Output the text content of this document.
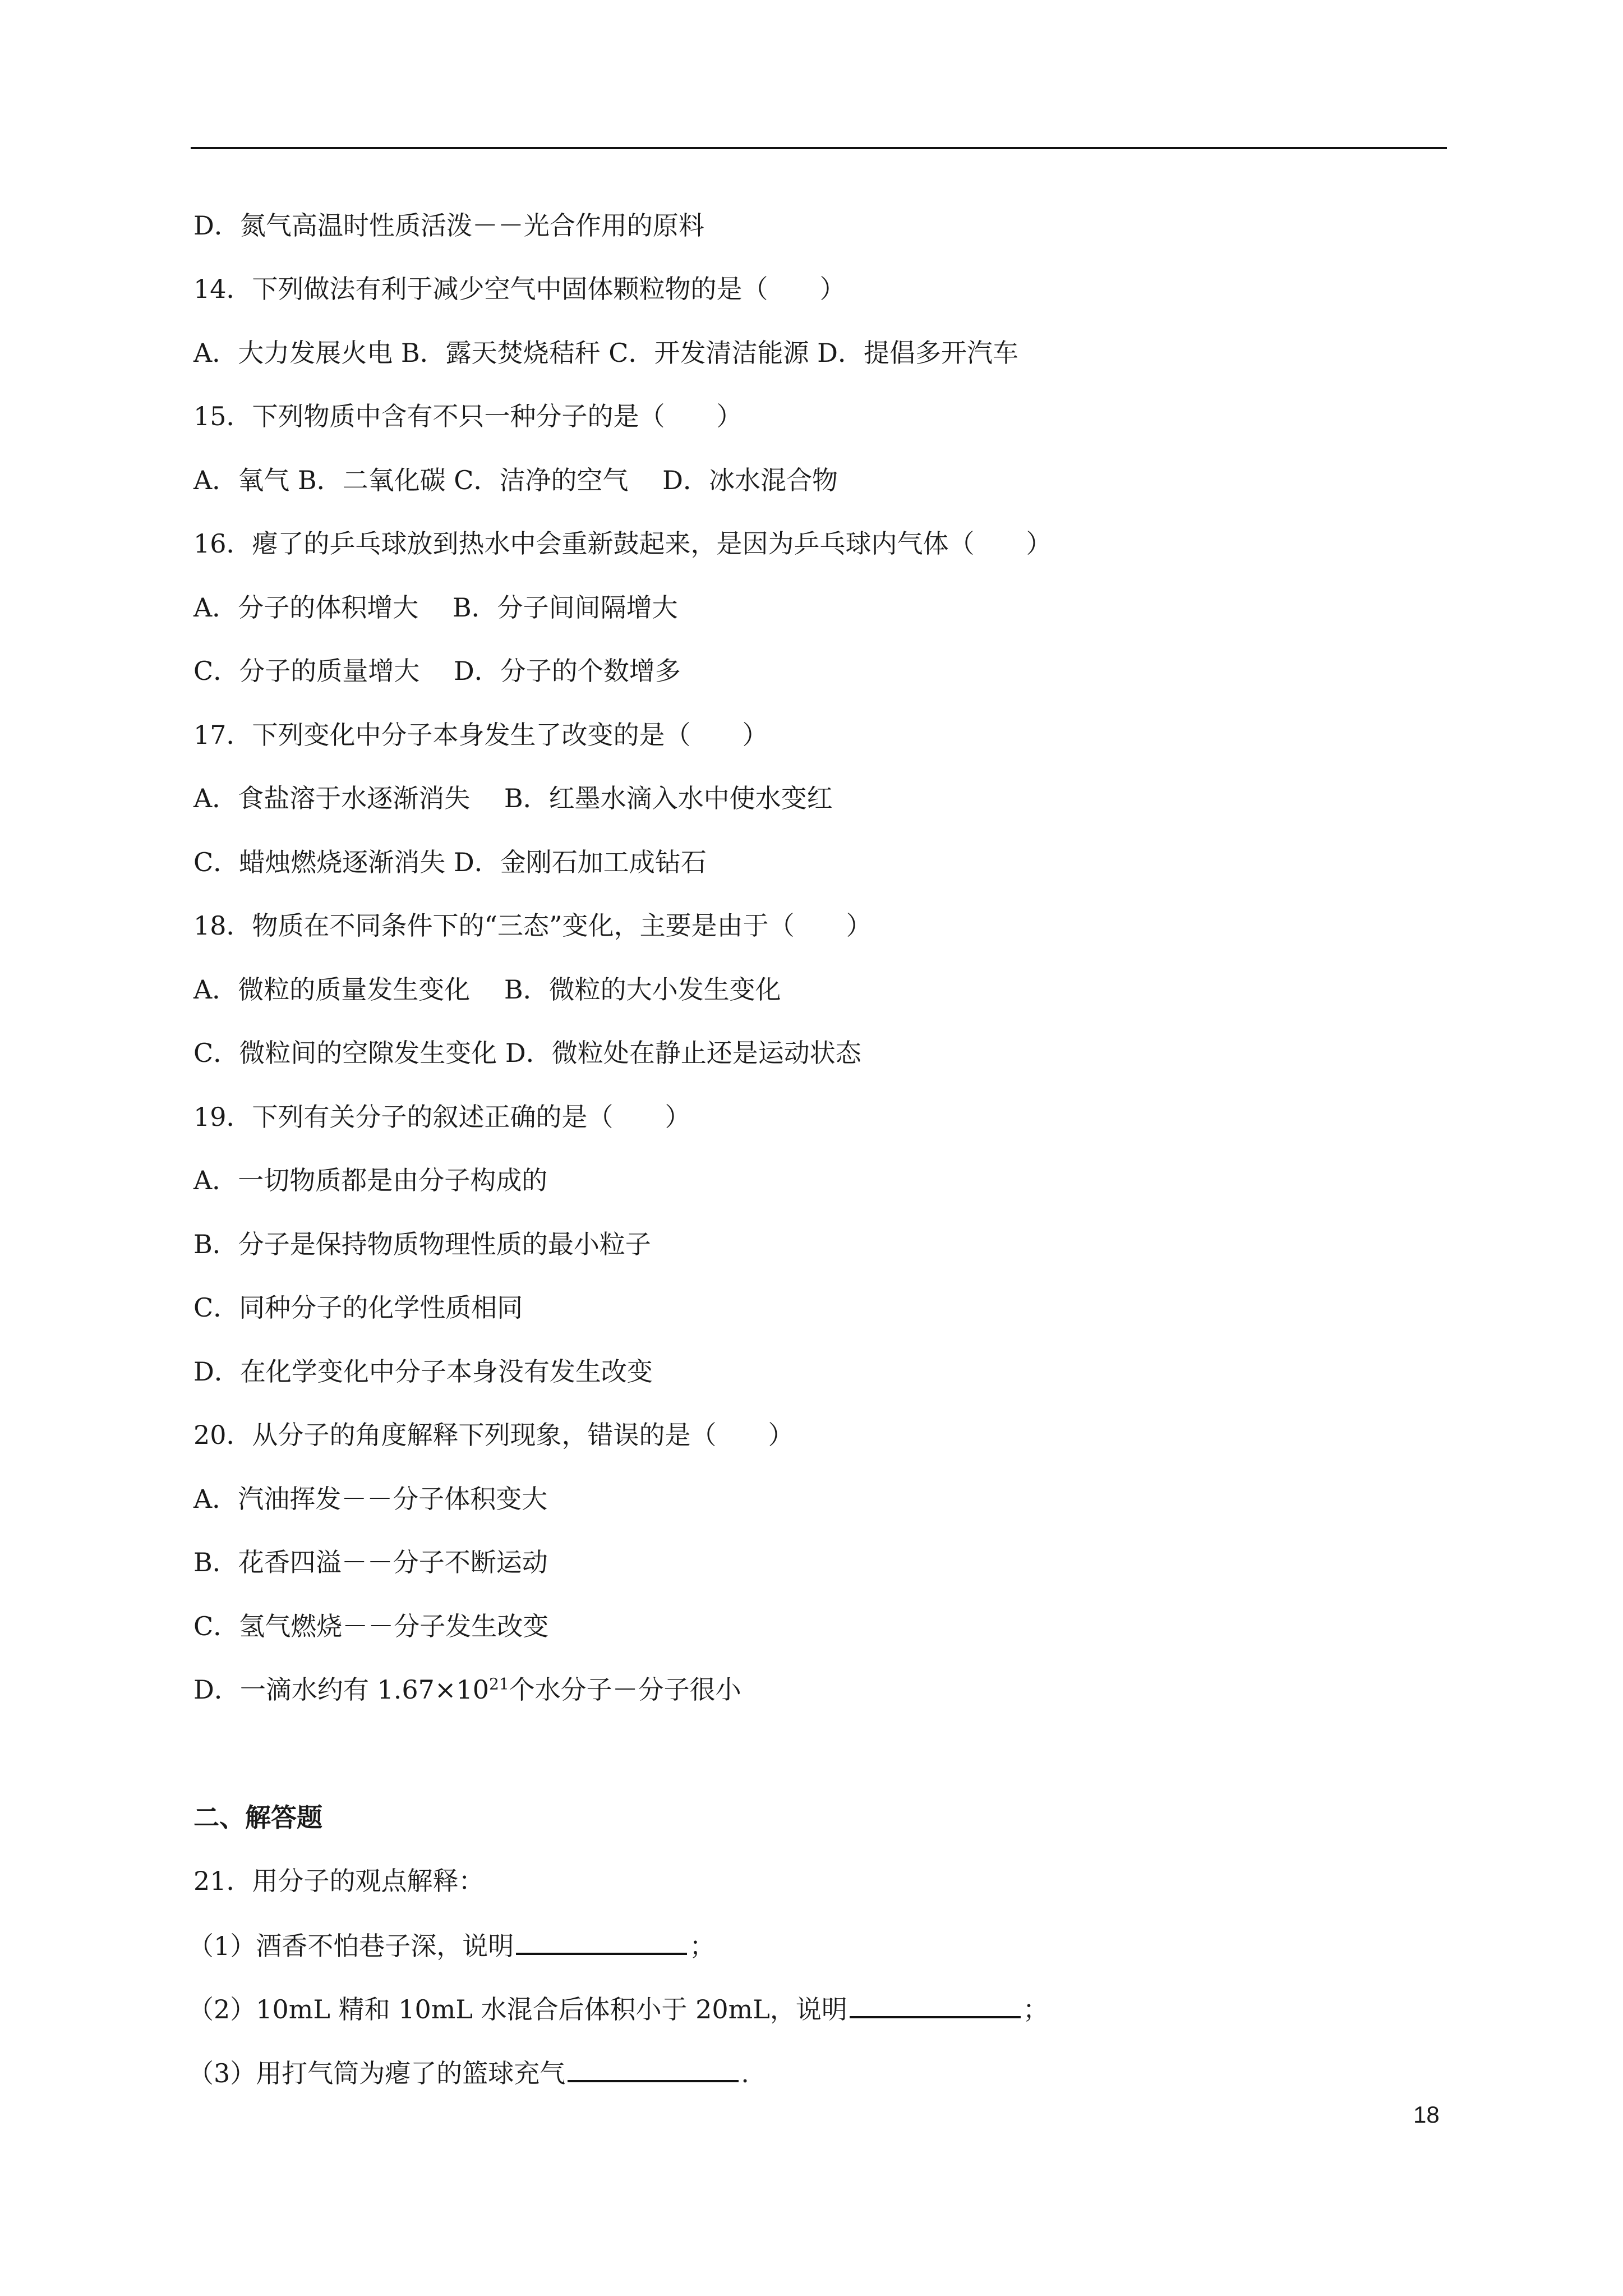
D．氮气高温时性质活泼－－光合作用的原料
14．下列做法有利于减少空气中固体颗粒物的是（　　）
A．大力发展火电 B．露天焚烧秸秆 C．开发清洁能源 D．提倡多开汽车
15．下列物质中含有不只一种分子的是（　　）
A．氧气 B．二氧化碳 C．洁净的空气　 D．冰水混合物
16．瘪了的乒乓球放到热水中会重新鼓起来，是因为乒乓球内气体（　　）
A．分子的体积增大　 B．分子间间隔增大
C．分子的质量增大　 D．分子的个数增多
17．下列变化中分子本身发生了改变的是（　　）
A．食盐溶于水逐渐消失　 B．红墨水滴入水中使水变红
C．蜡烛燃烧逐渐消失 D．金刚石加工成钻石
18．物质在不同条件下的“三态”变化，主要是由于（　　）
A．微粒的质量发生变化　 B．微粒的大小发生变化
C．微粒间的空隙发生变化 D．微粒处在静止还是运动状态
19．下列有关分子的叙述正确的是（　　）
A．一切物质都是由分子构成的
B．分子是保持物质物理性质的最小粒子
C．同种分子的化学性质相同
D．在化学变化中分子本身没有发生改变
20．从分子的角度解释下列现象，错误的是（　　）
A．汽油挥发－－分子体积变大
B．花香四溢－－分子不断运动
C．氢气燃烧－－分子发生改变
D．一滴水约有 $1.67\times 10^{21}$个水分子－分子很小
二、解答题
21．用分子的观点解释：
（1）酒香不怕巷子深，说明	；
（2）10mL 精和 10mL 水混合后体积小于 20mL，说明	；
（3）用打气筒为瘪了的篮球充气	.
18
